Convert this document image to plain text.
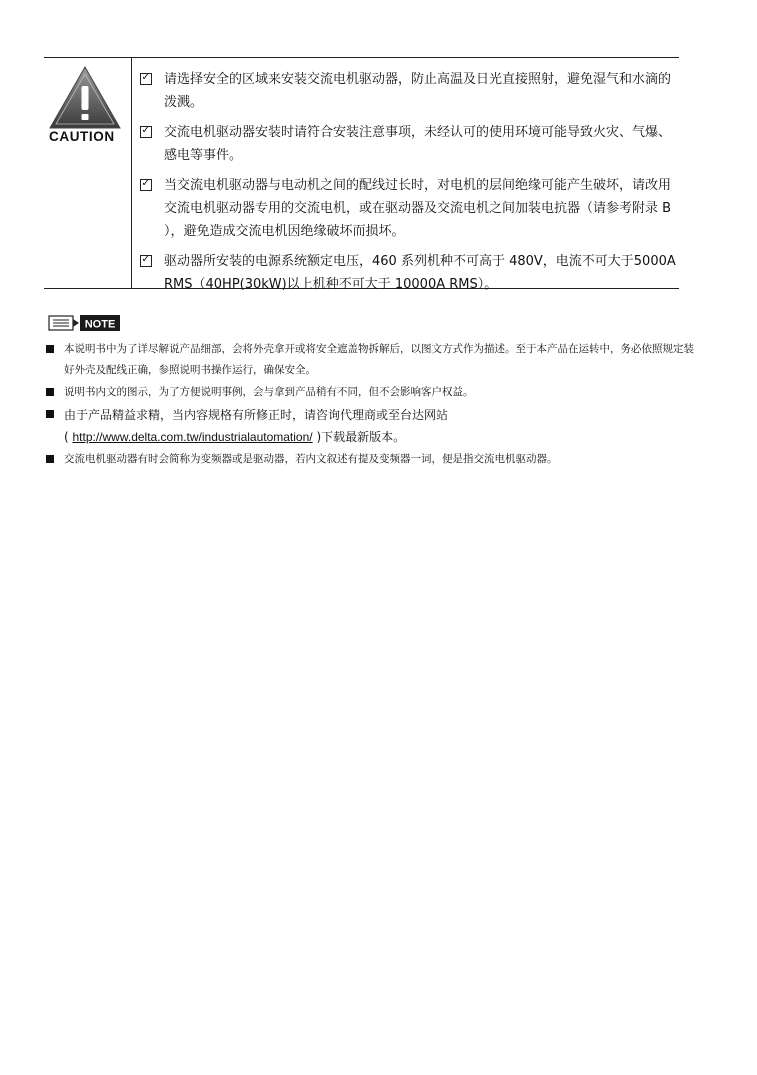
CAUTION
✓
请选择安全的区域来安装交流电机驱动器，防止高温及日光直接照射，避免湿气和水滴的泼溅。
✓
交流电机驱动器安装时请符合安装注意事项，未经认可的使用环境可能导致火灾、气爆、感电等事件。
✓
当交流电机驱动器与电动机之间的配线过长时，对电机的层间绝缘可能产生破坏，请改用交流电机驱动器专用的交流电机，或在驱动器及交流电机之间加装电抗器（请参考附录 B ），避免造成交流电机因绝缘破坏而损坏。
✓
驱动器所安装的电源系统额定电压，460 系列机种不可高于 480V，电流不可大于5000A RMS（40HP(30kW)以上机种不可大于 10000A RMS）。
NOTE
本说明书中为了详尽解说产品细部，会将外壳拿开或将安全遮盖物拆解后，以图文方式作为描述。至于本产品在运转中，务必依照规定装好外壳及配线正确，参照说明书操作运行，确保安全。
说明书内文的图示，为了方便说明事例，会与拿到产品稍有不同，但不会影响客户权益。
由于产品精益求精，当内容规格有所修正时，请咨询代理商或至台达网站
( http://www.delta.com.tw/industrialautomation/ )下载最新版本。
交流电机驱动器有时会简称为变频器或是驱动器，若内文叙述有提及变频器一词，便是指交流电机驱动器。
